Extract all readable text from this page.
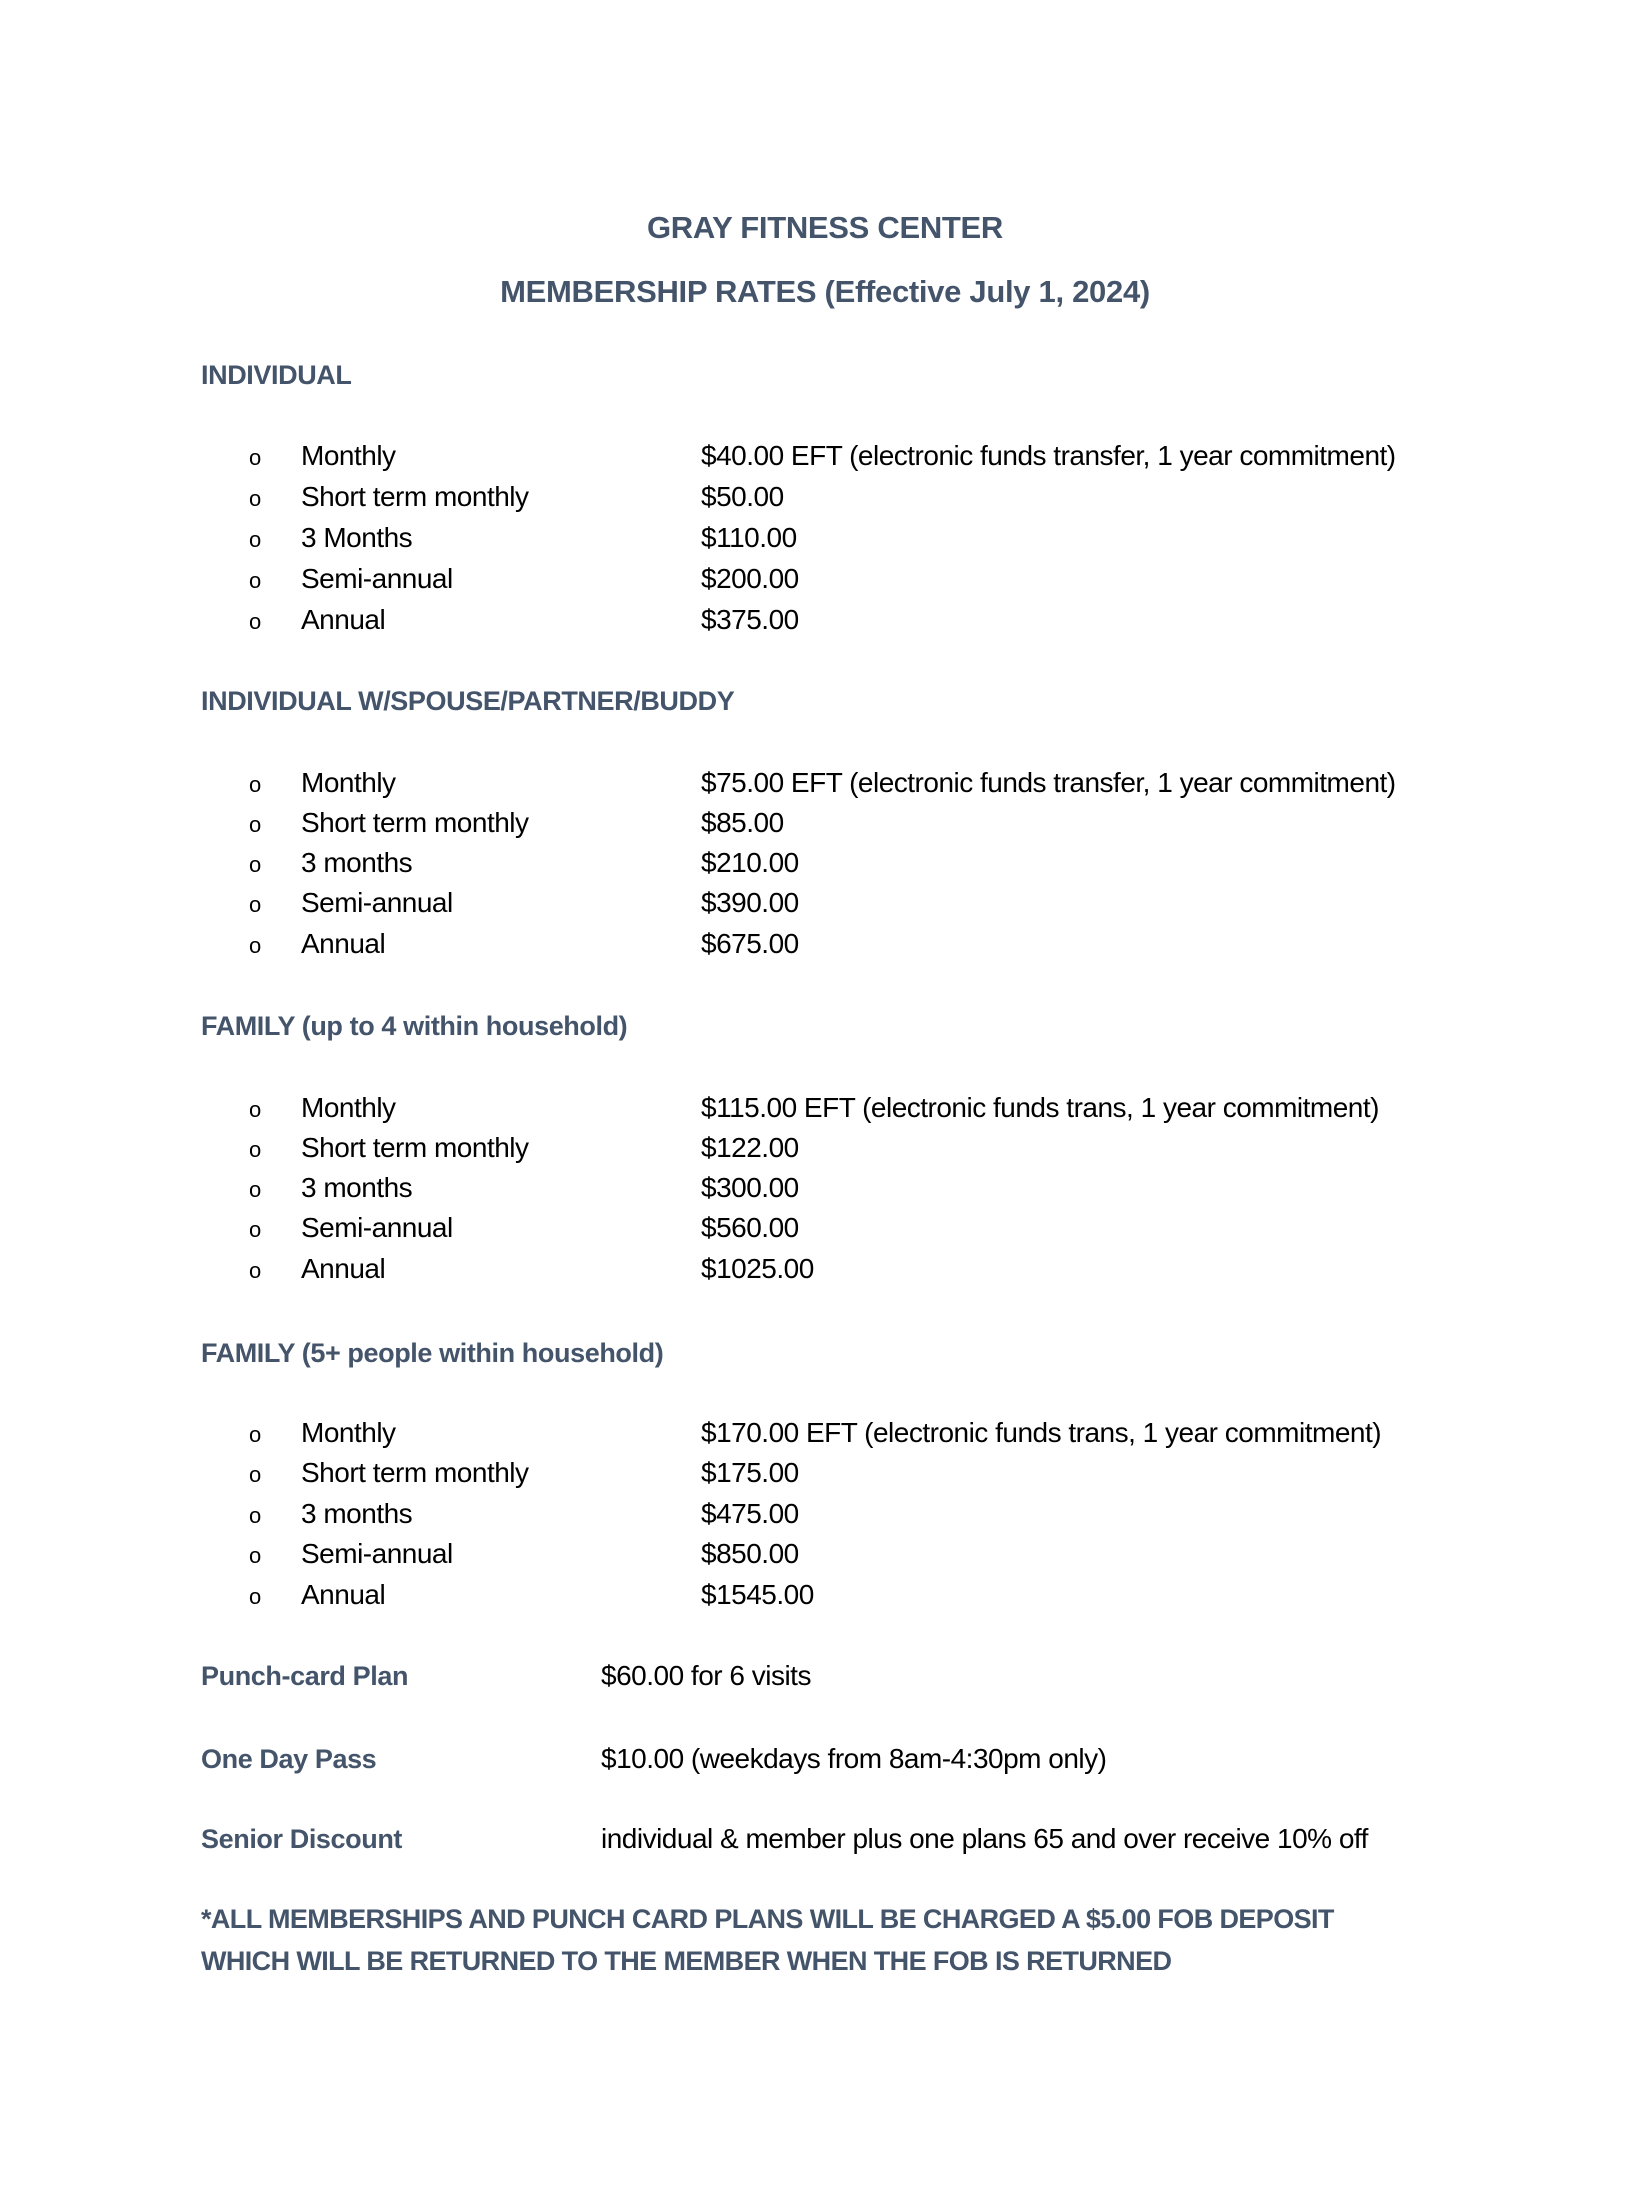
GRAY FITNESS CENTER
MEMBERSHIP RATES (Effective July 1, 2024)
INDIVIDUAL
o Monthly	$40.00 EFT (electronic funds transfer, 1 year commitment)
o Short term monthly	$50.00
o 3 Months	$110.00
o Semi-annual	$200.00
o Annual	$375.00
INDIVIDUAL W/SPOUSE/PARTNER/BUDDY
o Monthly	$75.00 EFT (electronic funds transfer, 1 year commitment)
o Short term monthly	$85.00
o 3 months	$210.00
o Semi-annual	$390.00
o Annual	$675.00
FAMILY (up to 4 within household)
o Monthly	$115.00 EFT (electronic funds trans, 1 year commitment)
o Short term monthly	$122.00
o 3 months	$300.00
o Semi-annual	$560.00
o Annual	$1025.00
FAMILY (5+ people within household)
o Monthly	$170.00 EFT (electronic funds trans, 1 year commitment)
o Short term monthly	$175.00
o 3 months	$475.00
o Semi-annual	$850.00
o Annual	$1545.00
Punch-card Plan	$60.00 for 6 visits
One Day Pass	$10.00 (weekdays from 8am-4:30pm only)
Senior Discount	individual & member plus one plans 65 and over receive 10% off
*ALL MEMBERSHIPS AND PUNCH CARD PLANS WILL BE CHARGED A $5.00 FOB DEPOSIT
WHICH WILL BE RETURNED TO THE MEMBER WHEN THE FOB IS RETURNED
